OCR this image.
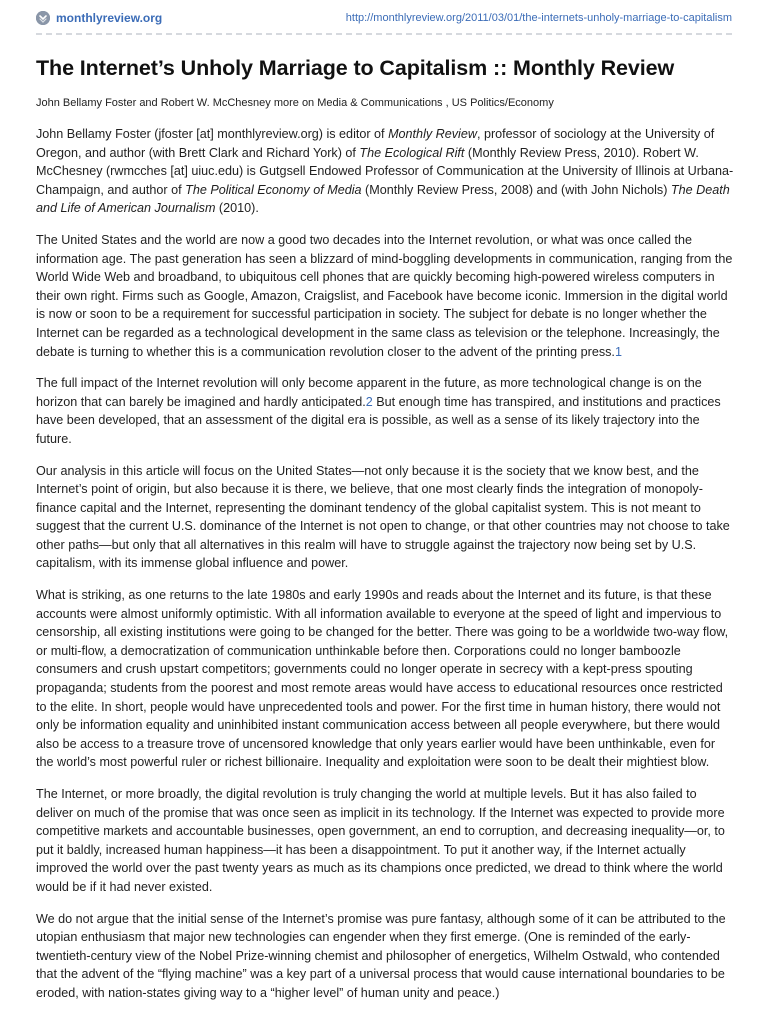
monthlyreview.org	http://monthlyreview.org/2011/03/01/the-internets-unholy-marriage-to-capitalism
The Internet’s Unholy Marriage to Capitalism :: Monthly Review
John Bellamy Foster and Robert W. McChesney more on Media & Communications , US Politics/Economy

John Bellamy Foster (jfoster [at] monthlyreview.org) is editor of Monthly Review, professor of sociology at the University of Oregon, and author (with Brett Clark and Richard York) of The Ecological Rift (Monthly Review Press, 2010). Robert W. McChesney (rwmcches [at] uiuc.edu) is Gutgsell Endowed Professor of Communication at the University of Illinois at Urbana-Champaign, and author of The Political Economy of Media (Monthly Review Press, 2008) and (with John Nichols) The Death and Life of American Journalism (2010).

The United States and the world are now a good two decades into the Internet revolution, or what was once called the information age. The past generation has seen a blizzard of mind-boggling developments in communication, ranging from the World Wide Web and broadband, to ubiquitous cell phones that are quickly becoming high-powered wireless computers in their own right. Firms such as Google, Amazon, Craigslist, and Facebook have become iconic. Immersion in the digital world is now or soon to be a requirement for successful participation in society. The subject for debate is no longer whether the Internet can be regarded as a technological development in the same class as television or the telephone. Increasingly, the debate is turning to whether this is a communication revolution closer to the advent of the printing press.1

The full impact of the Internet revolution will only become apparent in the future, as more technological change is on the horizon that can barely be imagined and hardly anticipated.2 But enough time has transpired, and institutions and practices have been developed, that an assessment of the digital era is possible, as well as a sense of its likely trajectory into the future.

Our analysis in this article will focus on the United States—not only because it is the society that we know best, and the Internet’s point of origin, but also because it is there, we believe, that one most clearly finds the integration of monopoly-finance capital and the Internet, representing the dominant tendency of the global capitalist system. This is not meant to suggest that the current U.S. dominance of the Internet is not open to change, or that other countries may not choose to take other paths—but only that all alternatives in this realm will have to struggle against the trajectory now being set by U.S. capitalism, with its immense global influence and power.

What is striking, as one returns to the late 1980s and early 1990s and reads about the Internet and its future, is that these accounts were almost uniformly optimistic. With all information available to everyone at the speed of light and impervious to censorship, all existing institutions were going to be changed for the better. There was going to be a worldwide two-way flow, or multi-flow, a democratization of communication unthinkable before then. Corporations could no longer bamboozle consumers and crush upstart competitors; governments could no longer operate in secrecy with a kept-press spouting propaganda; students from the poorest and most remote areas would have access to educational resources once restricted to the elite. In short, people would have unprecedented tools and power. For the first time in human history, there would not only be information equality and uninhibited instant communication access between all people everywhere, but there would also be access to a treasure trove of uncensored knowledge that only years earlier would have been unthinkable, even for the world’s most powerful ruler or richest billionaire. Inequality and exploitation were soon to be dealt their mightiest blow.

The Internet, or more broadly, the digital revolution is truly changing the world at multiple levels. But it has also failed to deliver on much of the promise that was once seen as implicit in its technology. If the Internet was expected to provide more competitive markets and accountable businesses, open government, an end to corruption, and decreasing inequality—or, to put it baldly, increased human happiness—it has been a disappointment. To put it another way, if the Internet actually improved the world over the past twenty years as much as its champions once predicted, we dread to think where the world would be if it had never existed.

We do not argue that the initial sense of the Internet’s promise was pure fantasy, although some of it can be attributed to the utopian enthusiasm that major new technologies can engender when they first emerge. (One is reminded of the early-twentieth-century view of the Nobel Prize-winning chemist and philosopher of energetics, Wilhelm Ostwald, who contended that the advent of the “flying machine” was a key part of a universal process that would cause international boundaries to be eroded, with nation-states giving way to a “higher level” of human unity and peace.)
